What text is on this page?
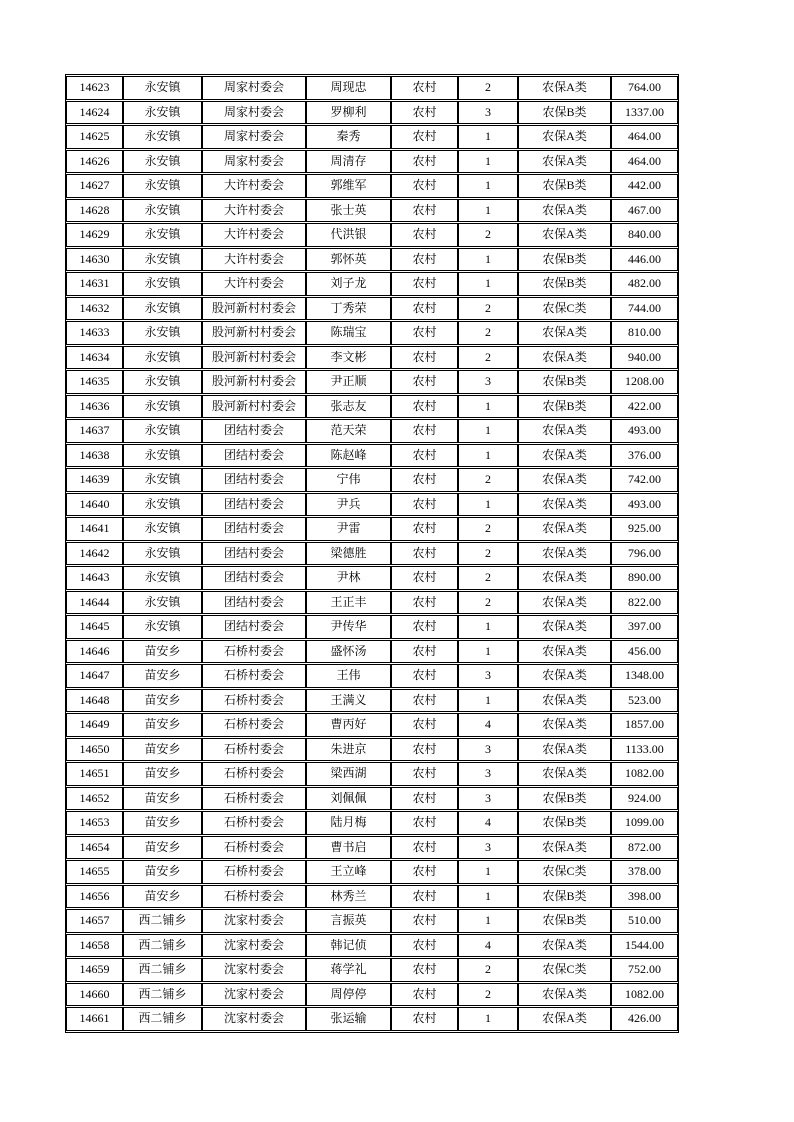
14623	永安镇	周家村委会	周现忠	农村	2	农保A类	764.00
14624	永安镇	周家村委会	罗柳利	农村	3	农保B类	1337.00
14625	永安镇	周家村委会	秦秀	农村	1	农保A类	464.00
14626	永安镇	周家村委会	周清存	农村	1	农保A类	464.00
14627	永安镇	大许村委会	郭维军	农村	1	农保B类	442.00
14628	永安镇	大许村委会	张士英	农村	1	农保A类	467.00
14629	永安镇	大许村委会	代洪银	农村	2	农保A类	840.00
14630	永安镇	大许村委会	郭怀英	农村	1	农保B类	446.00
14631	永安镇	大许村委会	刘子龙	农村	1	农保B类	482.00
14632	永安镇	股河新村村委会	丁秀荣	农村	2	农保C类	744.00
14633	永安镇	股河新村村委会	陈瑞宝	农村	2	农保A类	810.00
14634	永安镇	股河新村村委会	李文彬	农村	2	农保A类	940.00
14635	永安镇	股河新村村委会	尹正顺	农村	3	农保B类	1208.00
14636	永安镇	股河新村村委会	张志友	农村	1	农保B类	422.00
14637	永安镇	团结村委会	范天荣	农村	1	农保A类	493.00
14638	永安镇	团结村委会	陈赵峰	农村	1	农保A类	376.00
14639	永安镇	团结村委会	宁伟	农村	2	农保A类	742.00
14640	永安镇	团结村委会	尹兵	农村	1	农保A类	493.00
14641	永安镇	团结村委会	尹雷	农村	2	农保A类	925.00
14642	永安镇	团结村委会	梁德胜	农村	2	农保A类	796.00
14643	永安镇	团结村委会	尹林	农村	2	农保A类	890.00
14644	永安镇	团结村委会	王正丰	农村	2	农保A类	822.00
14645	永安镇	团结村委会	尹传华	农村	1	农保A类	397.00
14646	苗安乡	石桥村委会	盛怀汤	农村	1	农保A类	456.00
14647	苗安乡	石桥村委会	王伟	农村	3	农保A类	1348.00
14648	苗安乡	石桥村委会	王满义	农村	1	农保A类	523.00
14649	苗安乡	石桥村委会	曹丙好	农村	4	农保A类	1857.00
14650	苗安乡	石桥村委会	朱进京	农村	3	农保A类	1133.00
14651	苗安乡	石桥村委会	梁西湖	农村	3	农保A类	1082.00
14652	苗安乡	石桥村委会	刘佩佩	农村	3	农保B类	924.00
14653	苗安乡	石桥村委会	陆月梅	农村	4	农保B类	1099.00
14654	苗安乡	石桥村委会	曹书启	农村	3	农保A类	872.00
14655	苗安乡	石桥村委会	王立峰	农村	1	农保C类	378.00
14656	苗安乡	石桥村委会	林秀兰	农村	1	农保B类	398.00
14657	西二铺乡	沈家村委会	言振英	农村	1	农保B类	510.00
14658	西二铺乡	沈家村委会	韩记侦	农村	4	农保A类	1544.00
14659	西二铺乡	沈家村委会	蒋学礼	农村	2	农保C类	752.00
14660	西二铺乡	沈家村委会	周停停	农村	2	农保A类	1082.00
14661	西二铺乡	沈家村委会	张运输	农村	1	农保A类	426.00
